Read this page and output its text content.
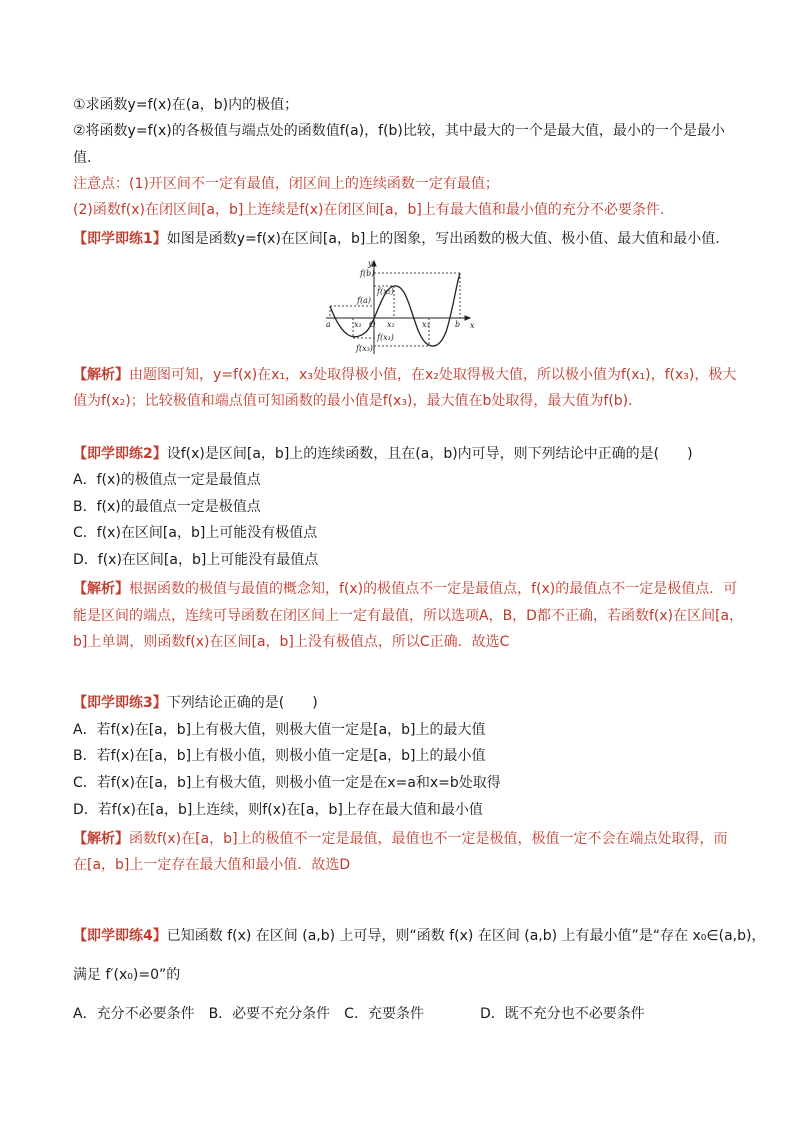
①求函数y=f(x)在(a，b)内的极值；
②将函数y=f(x)的各极值与端点处的函数值f(a)，f(b)比较，其中最大的一个是最大值，最小的一个是最小
值.
注意点：(1)开区间不一定有最值，闭区间上的连续函数一定有最值；
(2)函数f(x)在闭区间[a，b]上连续是f(x)在闭区间[a，b]上有最大值和最小值的充分不必要条件.
【即学即练1】如图是函数y=f(x)在区间[a，b]上的图象，写出函数的极大值、极小值、最大值和最小值.
y
x
O
a	b
f(b)
f(x₂)
f(a)
f(x₁)
f(x₃)
x₁	x₂	x₃
【解析】由题图可知，y=f(x)在x₁，x₃处取得极小值，在x₂处取得极大值，所以极小值为f(x₁)，f(x₃)，极大
值为f(x₂)；比较极值和端点值可知函数的最小值是f(x₃)，最大值在b处取得，最大值为f(b).
【即学即练2】设f(x)是区间[a，b]上的连续函数，且在(a，b)内可导，则下列结论中正确的是(　　)
A．f(x)的极值点一定是最值点
B．f(x)的最值点一定是极值点
C．f(x)在区间[a，b]上可能没有极值点
D．f(x)在区间[a，b]上可能没有最值点
【解析】根据函数的极值与最值的概念知，f(x)的极值点不一定是最值点，f(x)的最值点不一定是极值点．可
能是区间的端点，连续可导函数在闭区间上一定有最值，所以选项A，B，D都不正确，若函数f(x)在区间[a，
b]上单调，则函数f(x)在区间[a，b]上没有极值点，所以C正确．故选C
【即学即练3】下列结论正确的是(　　)
A．若f(x)在[a，b]上有极大值，则极大值一定是[a，b]上的最大值
B．若f(x)在[a，b]上有极小值，则极小值一定是[a，b]上的最小值
C．若f(x)在[a，b]上有极大值，则极小值一定是在x=a和x=b处取得
D．若f(x)在[a，b]上连续，则f(x)在[a，b]上存在最大值和最小值
【解析】函数f(x)在[a，b]上的极值不一定是最值，最值也不一定是极值，极值一定不会在端点处取得，而
在[a，b]上一定存在最大值和最小值．故选D
【即学即练4】已知函数 f(x) 在区间 (a,b) 上可导，则“函数 f(x) 在区间 (a,b) 上有最小值”是“存在 x₀∈(a,b)，
满足 f′(x₀)=0”的
A．充分不必要条件　B．必要不充分条件　C．充要条件　　　　D．既不充分也不必要条件
